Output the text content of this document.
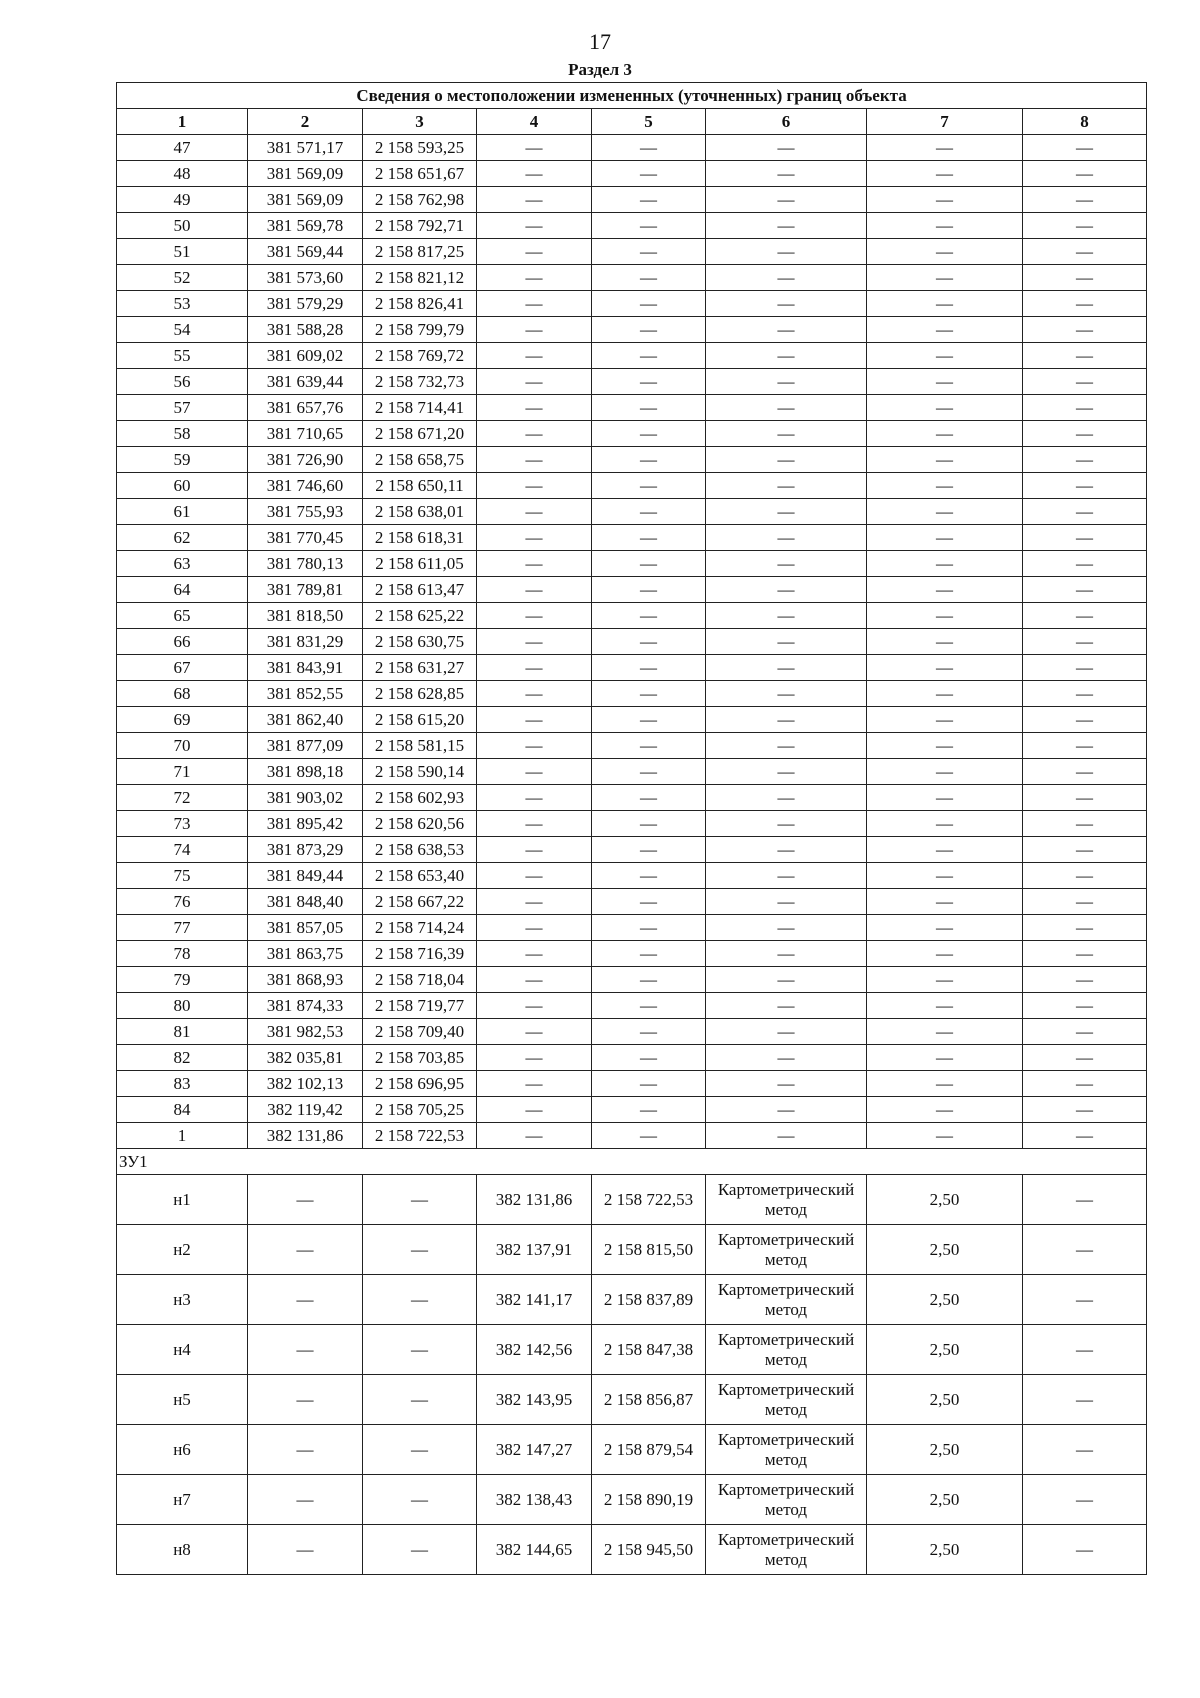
17
Раздел 3
Сведения о местоположении измененных (уточненных) границ объекта							
1	2	3	4	5	6	7	8
47	381 571,17	2 158 593,25	—	—	—	—	—
48	381 569,09	2 158 651,67	—	—	—	—	—
49	381 569,09	2 158 762,98	—	—	—	—	—
50	381 569,78	2 158 792,71	—	—	—	—	—
51	381 569,44	2 158 817,25	—	—	—	—	—
52	381 573,60	2 158 821,12	—	—	—	—	—
53	381 579,29	2 158 826,41	—	—	—	—	—
54	381 588,28	2 158 799,79	—	—	—	—	—
55	381 609,02	2 158 769,72	—	—	—	—	—
56	381 639,44	2 158 732,73	—	—	—	—	—
57	381 657,76	2 158 714,41	—	—	—	—	—
58	381 710,65	2 158 671,20	—	—	—	—	—
59	381 726,90	2 158 658,75	—	—	—	—	—
60	381 746,60	2 158 650,11	—	—	—	—	—
61	381 755,93	2 158 638,01	—	—	—	—	—
62	381 770,45	2 158 618,31	—	—	—	—	—
63	381 780,13	2 158 611,05	—	—	—	—	—
64	381 789,81	2 158 613,47	—	—	—	—	—
65	381 818,50	2 158 625,22	—	—	—	—	—
66	381 831,29	2 158 630,75	—	—	—	—	—
67	381 843,91	2 158 631,27	—	—	—	—	—
68	381 852,55	2 158 628,85	—	—	—	—	—
69	381 862,40	2 158 615,20	—	—	—	—	—
70	381 877,09	2 158 581,15	—	—	—	—	—
71	381 898,18	2 158 590,14	—	—	—	—	—
72	381 903,02	2 158 602,93	—	—	—	—	—
73	381 895,42	2 158 620,56	—	—	—	—	—
74	381 873,29	2 158 638,53	—	—	—	—	—
75	381 849,44	2 158 653,40	—	—	—	—	—
76	381 848,40	2 158 667,22	—	—	—	—	—
77	381 857,05	2 158 714,24	—	—	—	—	—
78	381 863,75	2 158 716,39	—	—	—	—	—
79	381 868,93	2 158 718,04	—	—	—	—	—
80	381 874,33	2 158 719,77	—	—	—	—	—
81	381 982,53	2 158 709,40	—	—	—	—	—
82	382 035,81	2 158 703,85	—	—	—	—	—
83	382 102,13	2 158 696,95	—	—	—	—	—
84	382 119,42	2 158 705,25	—	—	—	—	—
1	382 131,86	2 158 722,53	—	—	—	—	—
ЗУ1							
н1	—	—	382 131,86	2 158 722,53	Картометрический метод	2,50	—
н2	—	—	382 137,91	2 158 815,50	Картометрический метод	2,50	—
н3	—	—	382 141,17	2 158 837,89	Картометрический метод	2,50	—
н4	—	—	382 142,56	2 158 847,38	Картометрический метод	2,50	—
н5	—	—	382 143,95	2 158 856,87	Картометрический метод	2,50	—
н6	—	—	382 147,27	2 158 879,54	Картометрический метод	2,50	—
н7	—	—	382 138,43	2 158 890,19	Картометрический метод	2,50	—
н8	—	—	382 144,65	2 158 945,50	Картометрический метод	2,50	—
